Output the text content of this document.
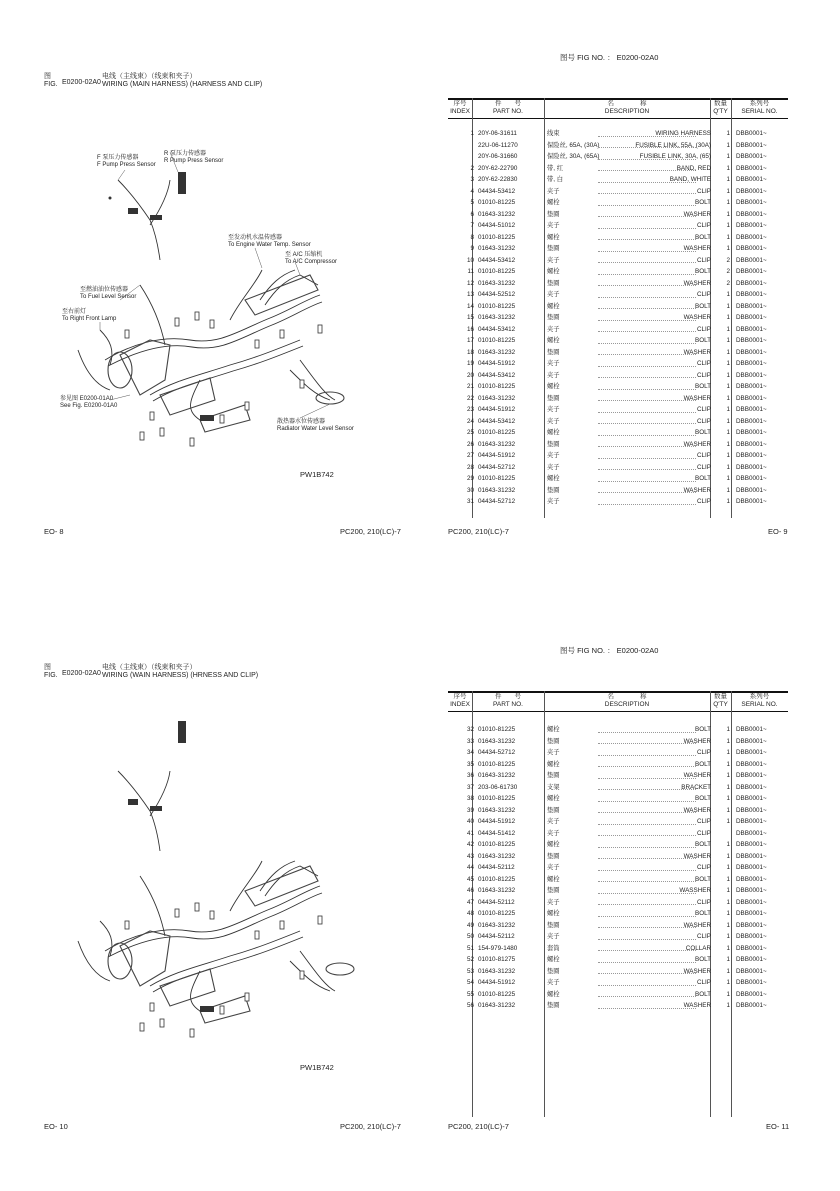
图
FIG. E0200-02A0
电线（主线束）（线束和夹子）
WIRING (MAIN HARNESS) (HARNESS AND CLIP)
R 泵压力传感器
R Pump Press Sensor
F 泵压力传感器
F Pump Press Sensor
至发动机水温传感器
To Engine Water Temp. Sensor
至 A/C 压缩机
To A/C Compressor
至燃油油位传感器
To Fuel Level Sensor
至右前灯
To Right Front Lamp
参见图 E0200-01A0
See Fig. E0200-01A0
散热器水位传感器
Radiator Water Level Sensor
PW1B742
EO- 8	PC200, 210(LC)-7
图号 FIG NO. ： E0200-02A0
序号
INDEX
件　　号
PART NO.
名　　　　称
DESCRIPTION
数量
Q'TY
系列号
SERIAL NO.
1 20Y-06-31611	线束	WIRING HARNESS	1 DBB0001~
22U-06-11270	保险丝, 65A, (30A)	FUSIBLE LINK, 55A, (30A)	1 DBB0001~
20Y-06-31660	保险丝, 30A, (65A)	FUSIBLE LINK, 30A, (65)	1 DBB0001~
2 20Y-62-22790	带, 红	BAND, RED	1 DBB0001~
3 20Y-62-22830	带, 白	BAND, WHITE	1 DBB0001~
4 04434-53412	夹子	CLIP	1 DBB0001~
5 01010-81225	螺栓	BOLT	1 DBB0001~
6 01643-31232	垫圈	WASHER	1 DBB0001~
7 04434-51012	夹子	CLIP	1 DBB0001~
8 01010-81225	螺栓	BOLT	1 DBB0001~
9 01643-31232	垫圈	WASHER	1 DBB0001~
10 04434-53412	夹子	CLIP	2 DBB0001~
11 01010-81225	螺栓	BOLT	2 DBB0001~
12 01643-31232	垫圈	WASHER	2 DBB0001~
13 04434-52512	夹子	CLIP	1 DBB0001~
14 01010-81225	螺栓	BOLT	1 DBB0001~
15 01643-31232	垫圈	WASHER	1 DBB0001~
16 04434-53412	夹子	CLIP	1 DBB0001~
17 01010-81225	螺栓	BOLT	1 DBB0001~
18 01643-31232	垫圈	WASHER	1 DBB0001~
19 04434-51912	夹子	CLIP	1 DBB0001~
20 04434-53412	夹子	CLIP	1 DBB0001~
21 01010-81225	螺栓	BOLT	1 DBB0001~
22 01643-31232	垫圈	WASHER	1 DBB0001~
23 04434-51912	夹子	CLIP	1 DBB0001~
24 04434-53412	夹子	CLIP	1 DBB0001~
25 01010-81225	螺栓	BOLT	1 DBB0001~
26 01643-31232	垫圈	WASHER	1 DBB0001~
27 04434-51912	夹子	CLIP	1 DBB0001~
28 04434-52712	夹子	CLIP	1 DBB0001~
29 01010-81225	螺栓	BOLT	1 DBB0001~
30 01643-31232	垫圈	WASHER	1 DBB0001~
31 04434-52712	夹子	CLIP	1 DBB0001~
PC200, 210(LC)-7	EO- 9
图
FIG. E0200-02A0
电线（主线束）（线束和夹子）
WIRING (WAIN HARNESS) (HRNESS AND CLIP)
PW1B742
EO- 10	PC200, 210(LC)-7
图号 FIG NO. ： E0200-02A0
序号
INDEX
件　　号
PART NO.
名　　　　称
DESCRIPTION
数量
Q'TY
系列号
SERIAL NO.
32 01010-81225	螺栓	BOLT	1 DBB0001~
33 01643-31232	垫圈	WASHER	1 DBB0001~
34 04434-52712	夹子	CLIP	1 DBB0001~
35 01010-81225	螺栓	BOLT	1 DBB0001~
36 01643-31232	垫圈	WASHER	1 DBB0001~
37 203-06-61730	支架	BRACKET	1 DBB0001~
38 01010-81225	螺栓	BOLT	1 DBB0001~
39 01643-31232	垫圈	WASHER	1 DBB0001~
40 04434-51912	夹子	CLIP	1 DBB0001~
41 04434-51412	夹子	CLIP	DBB0001~
42 01010-81225	螺栓	BOLT	1 DBB0001~
43 01643-31232	垫圈	WASHER	1 DBB0001~
44 04434-52112	夹子	CLIP	1 DBB0001~
45 01010-81225	螺栓	BOLT	1 DBB0001~
46 01643-31232	垫圈	WASSHER	1 DBB0001~
47 04434-52112	夹子	CLIP	1 DBB0001~
48 01010-81225	螺栓	BOLT	1 DBB0001~
49 01643-31232	垫圈	WASHER	1 DBB0001~
50 04434-52112	夹子	CLIP	1 DBB0001~
51 154-979-1480	套筒	COLLAR	1 DBB0001~
52 01010-81275	螺栓	BOLT	1 DBB0001~
53 01643-31232	垫圈	WASHER	1 DBB0001~
54 04434-51912	夹子	CLIP	1 DBB0001~
55 01010-81225	螺栓	BOLT	1 DBB0001~
56 01643-31232	垫圈	WASHER	1 DBB0001~
PC200, 210(LC)-7	EO- 11
